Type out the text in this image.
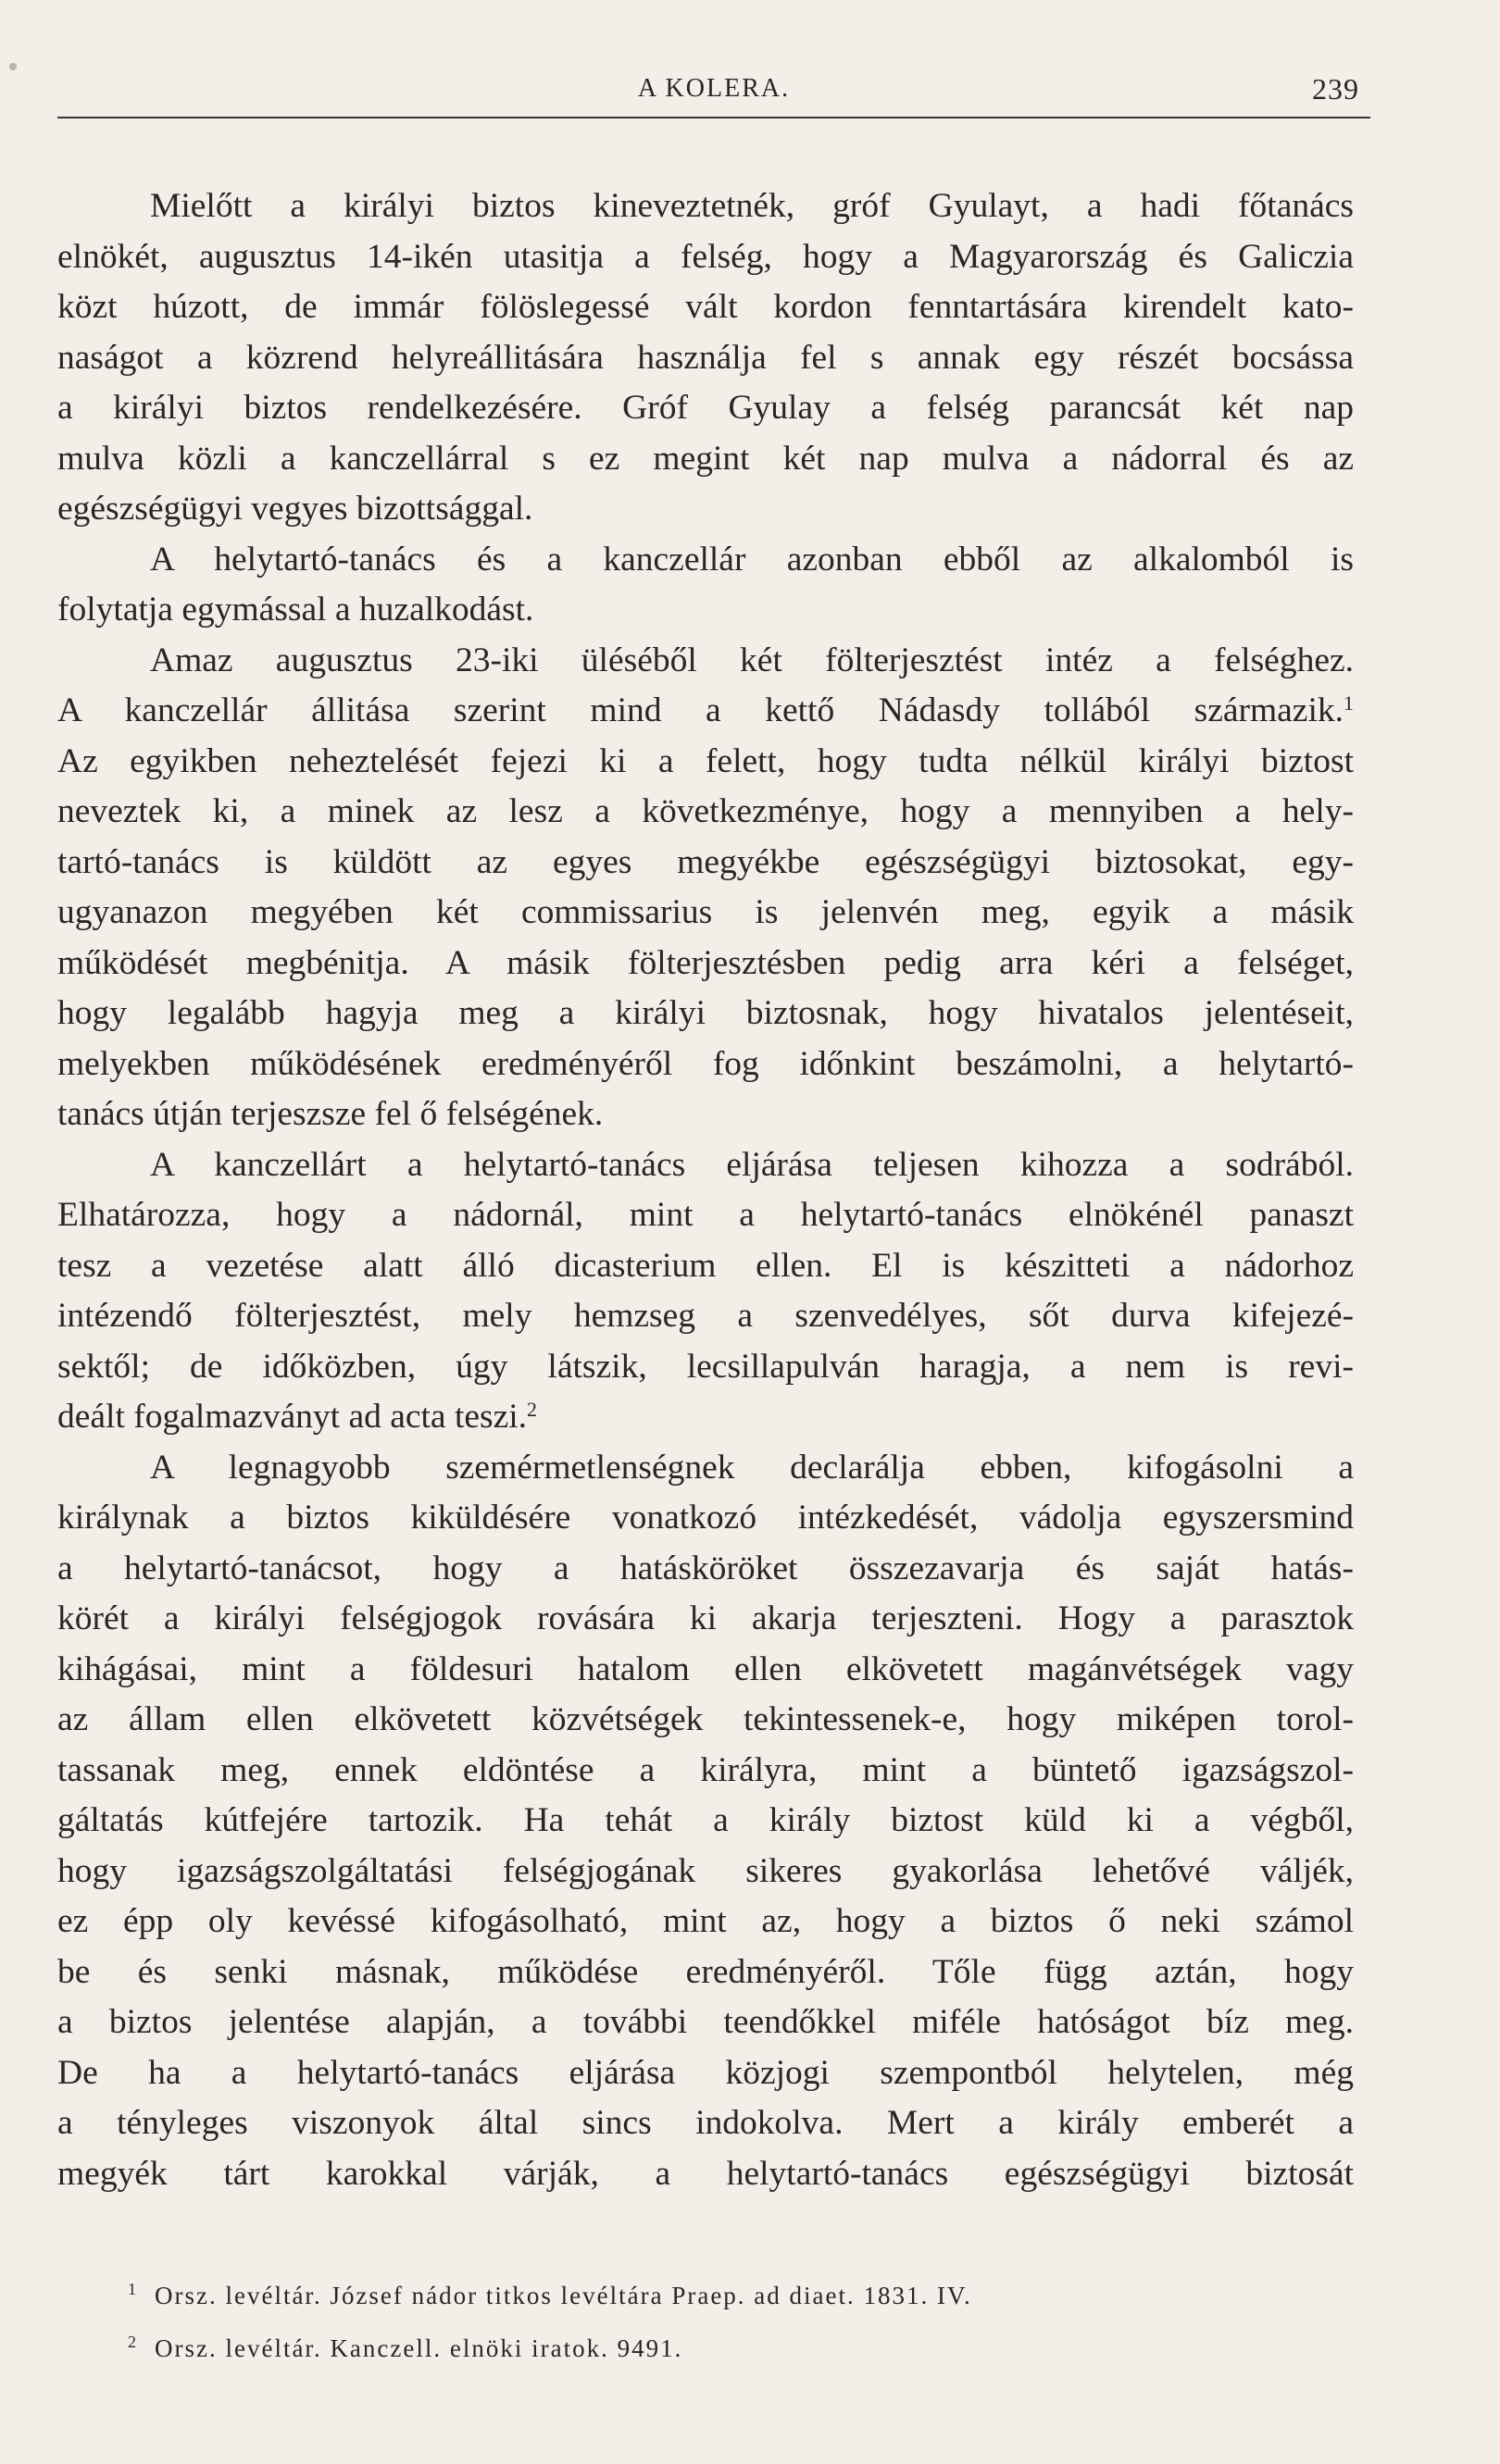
A KOLERA.	239
Mielőtt a királyi biztos kineveztetnék, gróf Gyulayt, a hadi főtanács
elnökét, augusztus 14-ikén utasitja a felség, hogy a Magyarország és Galiczia
közt húzott, de immár fölöslegessé vált kordon fenntartására kirendelt kato-
naságot a közrend helyreállitására használja fel s annak egy részét bocsássa
a királyi biztos rendelkezésére. Gróf Gyulay a felség parancsát két nap
mulva közli a kanczellárral s ez megint két nap mulva a nádorral és az
egészségügyi vegyes bizottsággal.
A helytartó-tanács és a kanczellár azonban ebből az alkalomból is
folytatja egymással a huzalkodást.
Amaz augusztus 23-iki üléséből két fölterjesztést intéz a felséghez.
A kanczellár állitása szerint mind a kettő Nádasdy tollából származik.$^1$
Az egyikben neheztelését fejezi ki a felett, hogy tudta nélkül királyi biztost
neveztek ki, a minek az lesz a következménye, hogy a mennyiben a hely-
tartó-tanács is küldött az egyes megyékbe egészségügyi biztosokat, egy-
ugyanazon megyében két commissarius is jelenvén meg, egyik a másik
működését megbénitja. A másik fölterjesztésben pedig arra kéri a felséget,
hogy legalább hagyja meg a királyi biztosnak, hogy hivatalos jelentéseit,
melyekben működésének eredményéről fog időnkint beszámolni, a helytartó-
tanács útján terjeszsze fel ő felségének.
A kanczellárt a helytartó-tanács eljárása teljesen kihozza a sodrából.
Elhatározza, hogy a nádornál, mint a helytartó-tanács elnökénél panaszt
tesz a vezetése alatt álló dicasterium ellen. El is készitteti a nádorhoz
intézendő fölterjesztést, mely hemzseg a szenvedélyes, sőt durva kifejezé-
sektől; de időközben, úgy látszik, lecsillapulván haragja, a nem is revi-
deált fogalmazványt ad acta teszi.$^2$
A legnagyobb szemérmetlenségnek declarálja ebben, kifogásolni a
királynak a biztos kiküldésére vonatkozó intézkedését, vádolja egyszersmind
a helytartó-tanácsot, hogy a hatásköröket összezavarja és saját hatás-
körét a királyi felségjogok rovására ki akarja terjeszteni. Hogy a parasztok
kihágásai, mint a földesuri hatalom ellen elkövetett magánvétségek vagy
az állam ellen elkövetett közvétségek tekintessenek-e, hogy miképen torol-
tassanak meg, ennek eldöntése a királyra, mint a büntető igazságszol-
gáltatás kútfejére tartozik. Ha tehát a király biztost küld ki a végből,
hogy igazságszolgáltatási felségjogának sikeres gyakorlása lehetővé váljék,
ez épp oly kevéssé kifogásolható, mint az, hogy a biztos ő neki számol
be és senki másnak, működése eredményéről. Tőle függ aztán, hogy
a biztos jelentése alapján, a további teendőkkel miféle hatóságot bíz meg.
De ha a helytartó-tanács eljárása közjogi szempontból helytelen, még
a tényleges viszonyok által sincs indokolva. Mert a király emberét a
megyék tárt karokkal várják, a helytartó-tanács egészségügyi biztosát
1 Orsz. levéltár. József nádor titkos levéltára Praep. ad diaet. 1831. IV.
2 Orsz. levéltár. Kanczell. elnöki iratok. 9491.
